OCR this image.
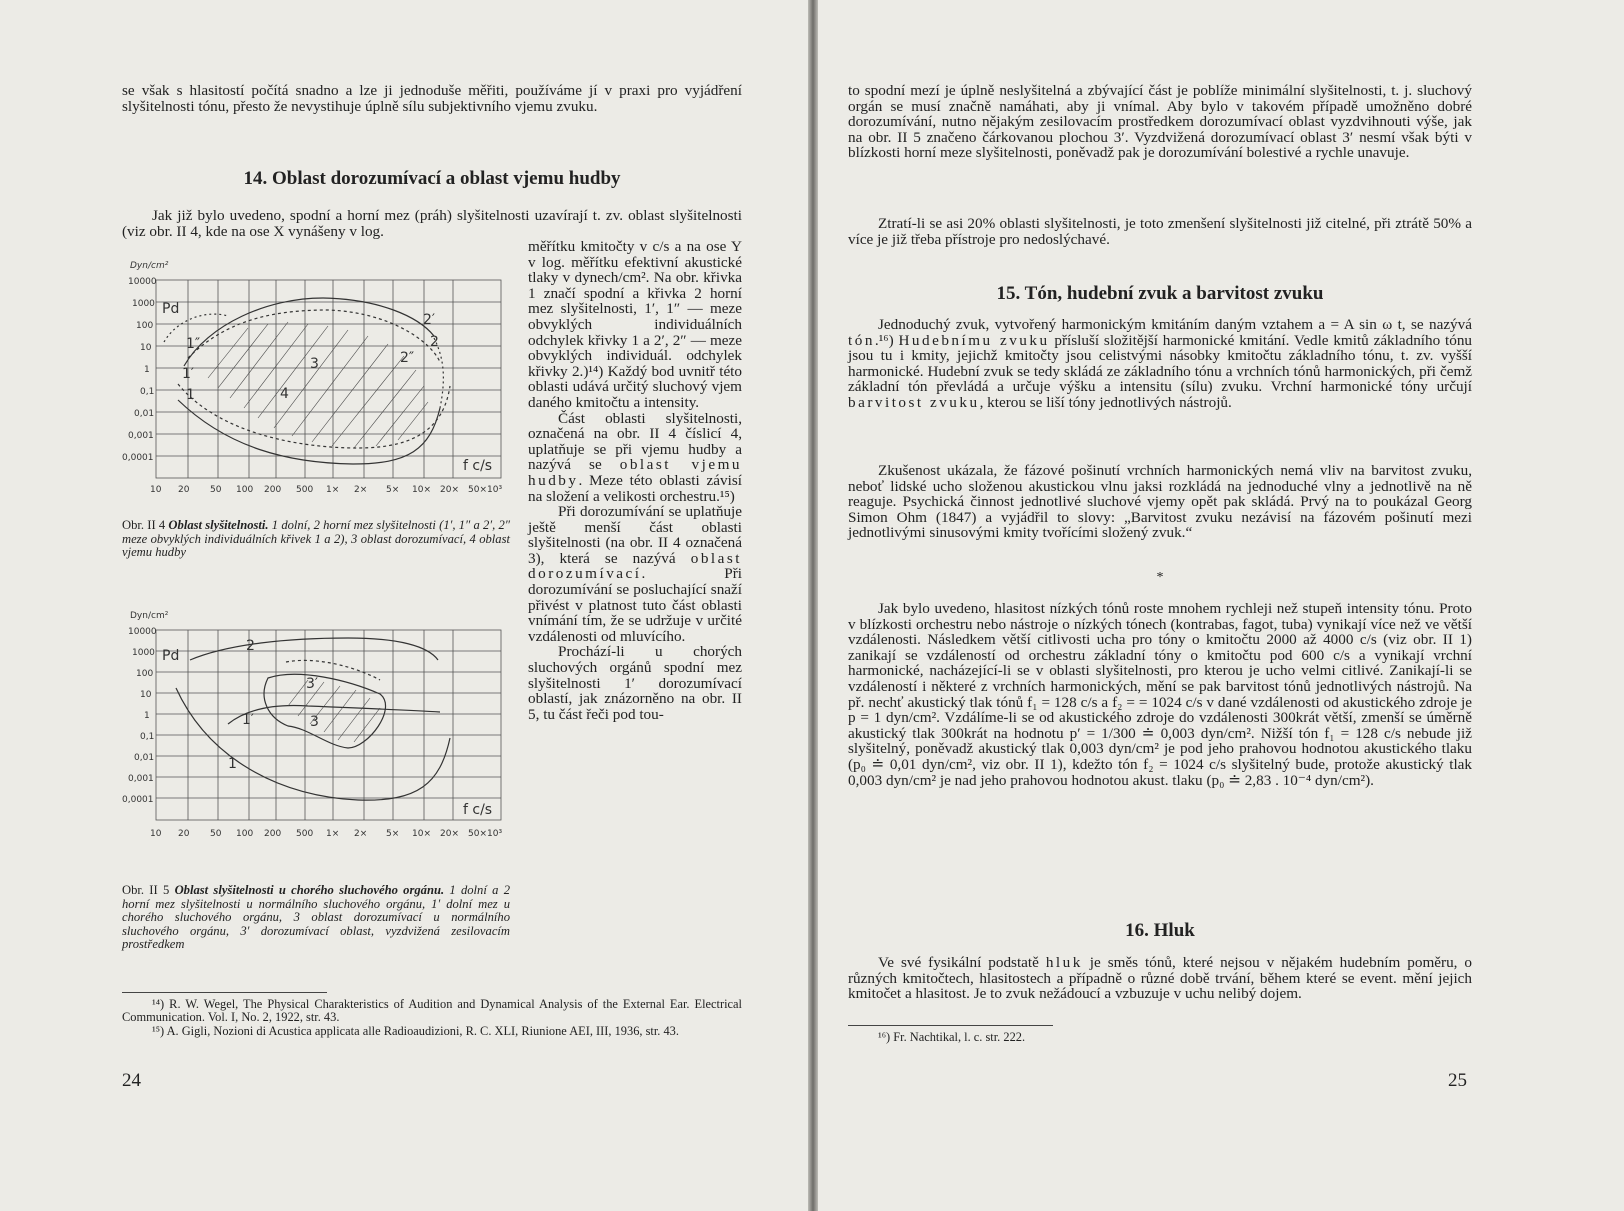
se však s hlasitostí počítá snadno a lze ji jednoduše měřiti, používáme jí v praxi pro vyjádření slyšitelnosti tónu, přesto že nevystihuje úplně sílu subjektivního vjemu zvuku.

14. Oblast dorozumívací a oblast vjemu hudby

Jak již bylo uvedeno, spodní a horní mez (práh) slyšitelnosti uzavírají t. zv. oblast slyšitelnosti (viz obr. II 4, kde na ose X vynášeny v log.

měřítku kmitočty v c/s a na ose Y v log. měřítku efektivní akustické tlaky v dynech/cm². Na obr. křivka 1 značí spodní a křivka 2 horní mez slyšitelnosti, 1′, 1″ — meze obvyklých individuálních odchylek křivky 1 a 2′, 2″ — meze obvyklých individuál. odchylek křivky 2.)¹⁴) Každý bod uvnitř této oblasti udává určitý sluchový vjem daného kmitočtu a intensity.

Část oblasti slyšitelnosti, označená na obr. II 4 číslicí 4, uplatňuje se při vjemu hudby a nazývá se oblast vjemu hudby. Meze této oblasti závisí na složení a velikosti orchestru.¹⁵)

Při dorozumívání se uplatňuje ještě menší část oblasti slyšitelnosti (na obr. II 4 označená 3), která se nazývá oblast dorozumívací. Při dorozumívání se posluchající snaží přivést v platnost tuto část oblasti vnímání tím, že se udržuje v určité vzdálenosti od mluvícího.

Prochází-li u chorých sluchových orgánů spodní mez slyšitelnosti 1′ dorozumívací oblastí, jak znázorněno na obr. II 5, tu část řeči pod tou-

Dyn/cm²
Pd
1″
1′
1
3
4
2′
2
2″
f c/s
10000
1000
100
10
1
0,1
0,01
0,001
0,0001
10 20 50 100 200 500 1× 2× 5× 10× 20× 50×10³

Obr. II 4 Oblast slyšitelnosti. 1 dolní, 2 horní mez slyšitelnosti (1′, 1″ a 2′, 2″ meze obvyklých individuálních křivek 1 a 2), 3 oblast dorozumívací, 4 oblast vjemu hudby

Dyn/cm²
Pd
2
3′
3
1′
1
f c/s
10000
1000
100
10
1
0,1
0,01
0,001
0,0001
10 20 50 100 200 500 1× 2× 5× 10× 20× 50×10³

Obr. II 5 Oblast slyšitelnosti u chorého sluchového orgánu. 1 dolní a 2 horní mez slyšitelnosti u normálního sluchového orgánu, 1′ dolní mez u chorého sluchového orgánu, 3 oblast dorozumívací u normálního sluchového orgánu, 3′ dorozumívací oblast, vyzdvižená zesilovacím prostředkem

¹⁴) R. W. Wegel, The Physical Charakteristics of Audition and Dynamical Analysis of the External Ear. Electrical Communication. Vol. I, No. 2, 1922, str. 43.

¹⁵) A. Gigli, Nozioni di Acustica applicata alle Radioaudizioni, R. C. XLI, Riunione AEI, III, 1936, str. 43.

24

to spodní mezí je úplně neslyšitelná a zbývající část je poblíže minimální slyšitelnosti, t. j. sluchový orgán se musí značně namáhati, aby ji vnímal. Aby bylo v takovém případě umožněno dobré dorozumívání, nutno nějakým zesilovacím prostředkem dorozumívací oblast vyzdvihnouti výše, jak na obr. II 5 značeno čárkovanou plochou 3′. Vyzdvižená dorozumívací oblast 3′ nesmí však býti v blízkosti horní meze slyšitelnosti, poněvadž pak je dorozumívání bolestivé a rychle unavuje.

Ztratí-li se asi 20% oblasti slyšitelnosti, je toto zmenšení slyšitelnosti již citelné, při ztrátě 50% a více je již třeba přístroje pro nedoslýchavé.

15. Tón, hudební zvuk a barvitost zvuku

Jednoduchý zvuk, vytvořený harmonickým kmitáním daným vztahem a = A sin ω t, se nazývá tón.¹⁶) Hudebnímu zvuku přísluší složitější harmonické kmitání. Vedle kmitů základního tónu jsou tu i kmity, jejichž kmitočty jsou celistvými násobky kmitočtu základního tónu, t. zv. vyšší harmonické. Hudební zvuk se tedy skládá ze základního tónu a vrchních tónů harmonických, při čemž základní tón převládá a určuje výšku a intensitu (sílu) zvuku. Vrchní harmonické tóny určují barvitost zvuku, kterou se liší tóny jednotlivých nástrojů.

Zkušenost ukázala, že fázové pošinutí vrchních harmonických nemá vliv na barvitost zvuku, neboť lidské ucho složenou akustickou vlnu jaksi rozkládá na jednoduché vlny a jednotlivě na ně reaguje. Psychická činnost jednotlivé sluchové vjemy opět pak skládá. Prvý na to poukázal Georg Simon Ohm (1847) a vyjádřil to slovy: „Barvitost zvuku nezávisí na fázovém pošinutí mezi jednotlivými sinusovými kmity tvořícími složený zvuk.“

*

Jak bylo uvedeno, hlasitost nízkých tónů roste mnohem rychleji než stupeň intensity tónu. Proto v blízkosti orchestru nebo nástroje o nízkých tónech (kontrabas, fagot, tuba) vynikají více než ve větší vzdálenosti. Následkem větší citlivosti ucha pro tóny o kmitočtu 2000 až 4000 c/s (viz obr. II 1) zanikají se vzdáleností od orchestru základní tóny o kmitočtu pod 600 c/s a vynikají vrchní harmonické, nacházející-li se v oblasti slyšitelnosti, pro kterou je ucho velmi citlivé. Zanikají-li se vzdáleností i některé z vrchních harmonických, mění se pak barvitost tónů jednotlivých nástrojů. Na př. nechť akustický tlak tónů f₁ = 128 c/s a f₂ = = 1024 c/s v dané vzdálenosti od akustického zdroje je p = 1 dyn/cm². Vzdálíme-li se od akustického zdroje do vzdálenosti 300krát větší, zmenší se úměrně akustický tlak 300krát na hodnotu p′ = 1/300 ≐ 0,003 dyn/cm². Nižší tón f₁ = 128 c/s nebude již slyšitelný, poněvadž akustický tlak 0,003 dyn/cm² je pod jeho prahovou hodnotou akustického tlaku (p₀ ≐ 0,01 dyn/cm², viz obr. II 1), kdežto tón f₂ = 1024 c/s slyšitelný bude, protože akustický tlak 0,003 dyn/cm² je nad jeho prahovou hodnotou akust. tlaku (p₀ ≐ 2,83 . 10⁻⁴ dyn/cm²).

16. Hluk

Ve své fysikální podstatě hluk je směs tónů, které nejsou v nějakém hudebním poměru, o různých kmitočtech, hlasitostech a případně o různé době trvání, během které se event. mění jejich kmitočet a hlasitost. Je to zvuk nežádoucí a vzbuzuje v uchu nelibý dojem.

¹⁶) Fr. Nachtikal, l. c. str. 222.

25
